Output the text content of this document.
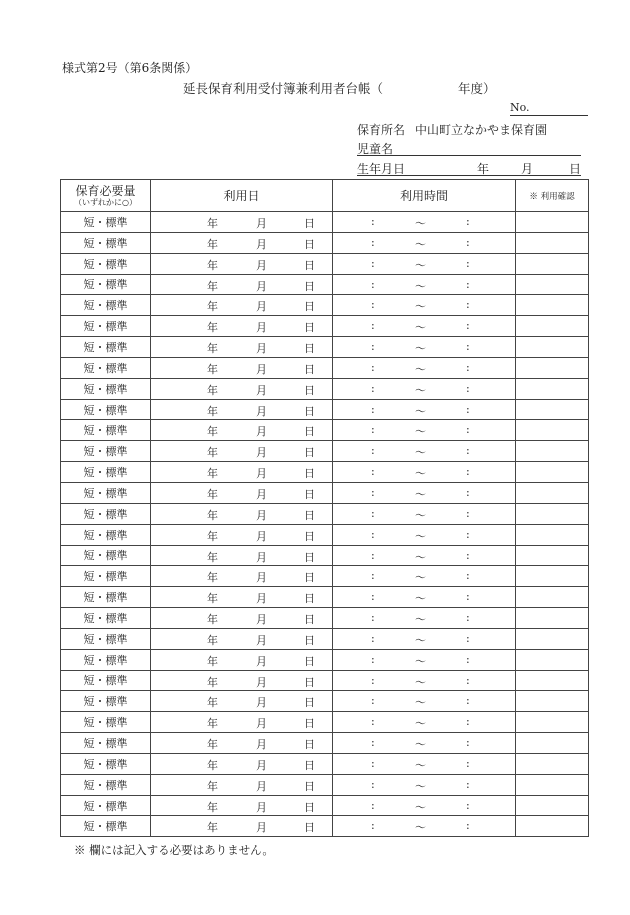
様式第2号（第6条関係）
延長保育利用受付簿兼利用者台帳（　　　　　　年度）
No.
保育所名 中山町立なかやま保育園
児童名
生年月日	年	月	日
保育必要量
（いずれかに○）	利用日	利用時間	※ 利用確認
短・標準	年 月 日	: ～ :	

短・標準	年 月 日	: ～ :	

短・標準	年 月 日	: ～ :	

短・標準	年 月 日	: ～ :	

短・標準	年 月 日	: ～ :	

短・標準	年 月 日	: ～ :	

短・標準	年 月 日	: ～ :	

短・標準	年 月 日	: ～ :	

短・標準	年 月 日	: ～ :	

短・標準	年 月 日	: ～ :	

短・標準	年 月 日	: ～ :	

短・標準	年 月 日	: ～ :	

短・標準	年 月 日	: ～ :	

短・標準	年 月 日	: ～ :	

短・標準	年 月 日	: ～ :	

短・標準	年 月 日	: ～ :	

短・標準	年 月 日	: ～ :	

短・標準	年 月 日	: ～ :	

短・標準	年 月 日	: ～ :	

短・標準	年 月 日	: ～ :	

短・標準	年 月 日	: ～ :	

短・標準	年 月 日	: ～ :	

短・標準	年 月 日	: ～ :	

短・標準	年 月 日	: ～ :	

短・標準	年 月 日	: ～ :	

短・標準	年 月 日	: ～ :	

短・標準	年 月 日	: ～ :	

短・標準	年 月 日	: ～ :	

短・標準	年 月 日	: ～ :	

短・標準	年 月 日	: ～ :	

※ 欄には記入する必要はありません。
